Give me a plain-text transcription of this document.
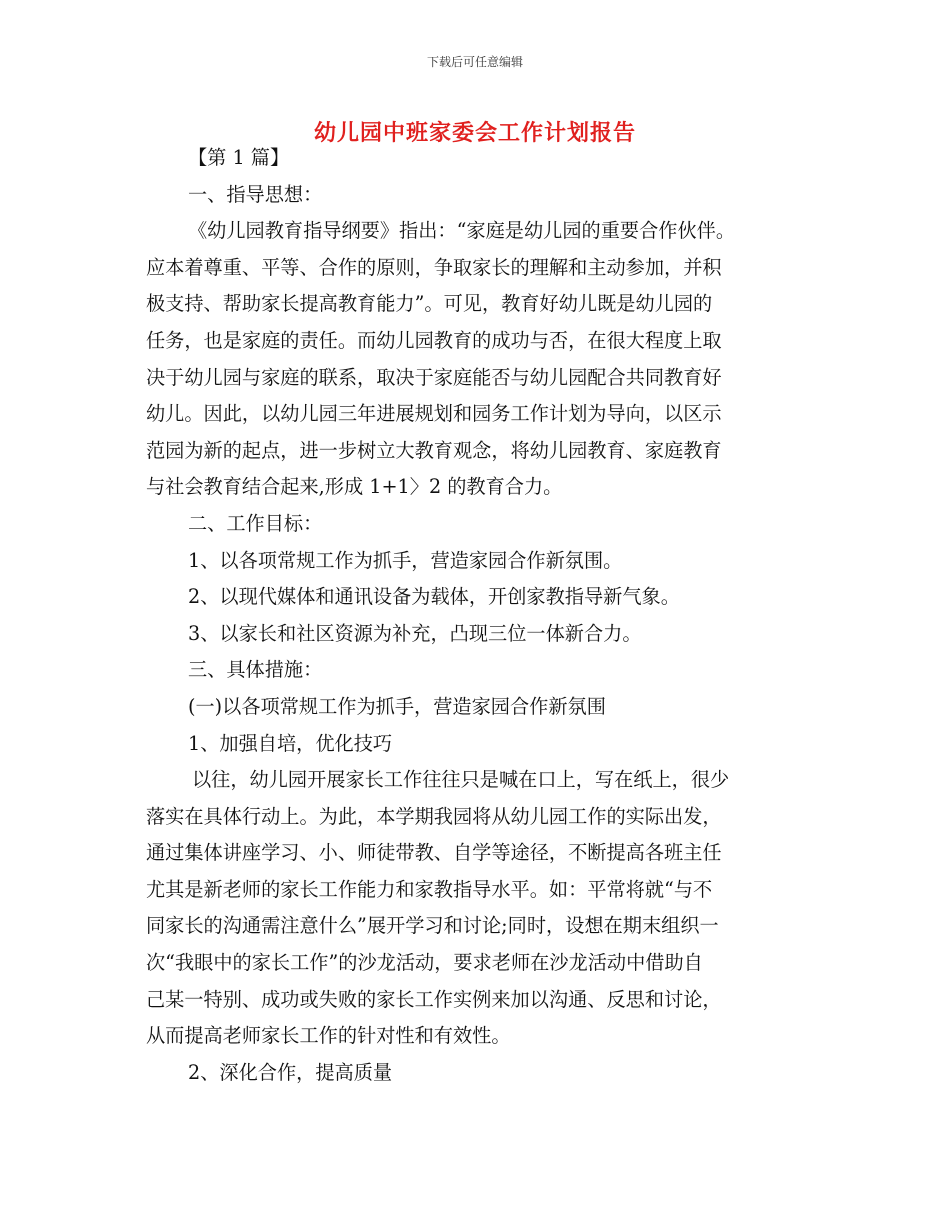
下载后可任意编辑
幼儿园中班家委会工作计划报告
【第 1 篇】
一、指导思想：
《幼儿园教育指导纲要》指出：“家庭是幼儿园的重要合作伙伴。
应本着尊重、平等、合作的原则，争取家长的理解和主动参加，并积
极支持、帮助家长提高教育能力”。可见，教育好幼儿既是幼儿园的
任务，也是家庭的责任。而幼儿园教育的成功与否，在很大程度上取
决于幼儿园与家庭的联系，取决于家庭能否与幼儿园配合共同教育好
幼儿。因此，以幼儿园三年进展规划和园务工作计划为导向，以区示
范园为新的起点，进一步树立大教育观念，将幼儿园教育、家庭教育
与社会教育结合起来,形成 1+1〉2 的教育合力。
二、工作目标：
1、以各项常规工作为抓手，营造家园合作新氛围。
2、以现代媒体和通讯设备为载体，开创家教指导新气象。
3、以家长和社区资源为补充，凸现三位一体新合力。
三、具体措施：
(一)以各项常规工作为抓手，营造家园合作新氛围
1、加强自培，优化技巧
以往，幼儿园开展家长工作往往只是喊在口上，写在纸上，很少
落实在具体行动上。为此，本学期我园将从幼儿园工作的实际出发，
通过集体讲座学习、小、师徒带教、自学等途径，不断提高各班主任
尤其是新老师的家长工作能力和家教指导水平。如：平常将就“与不
同家长的沟通需注意什么”展开学习和讨论;同时，设想在期末组织一
次“我眼中的家长工作”的沙龙活动，要求老师在沙龙活动中借助自
己某一特别、成功或失败的家长工作实例来加以沟通、反思和讨论，
从而提高老师家长工作的针对性和有效性。
2、深化合作，提高质量
